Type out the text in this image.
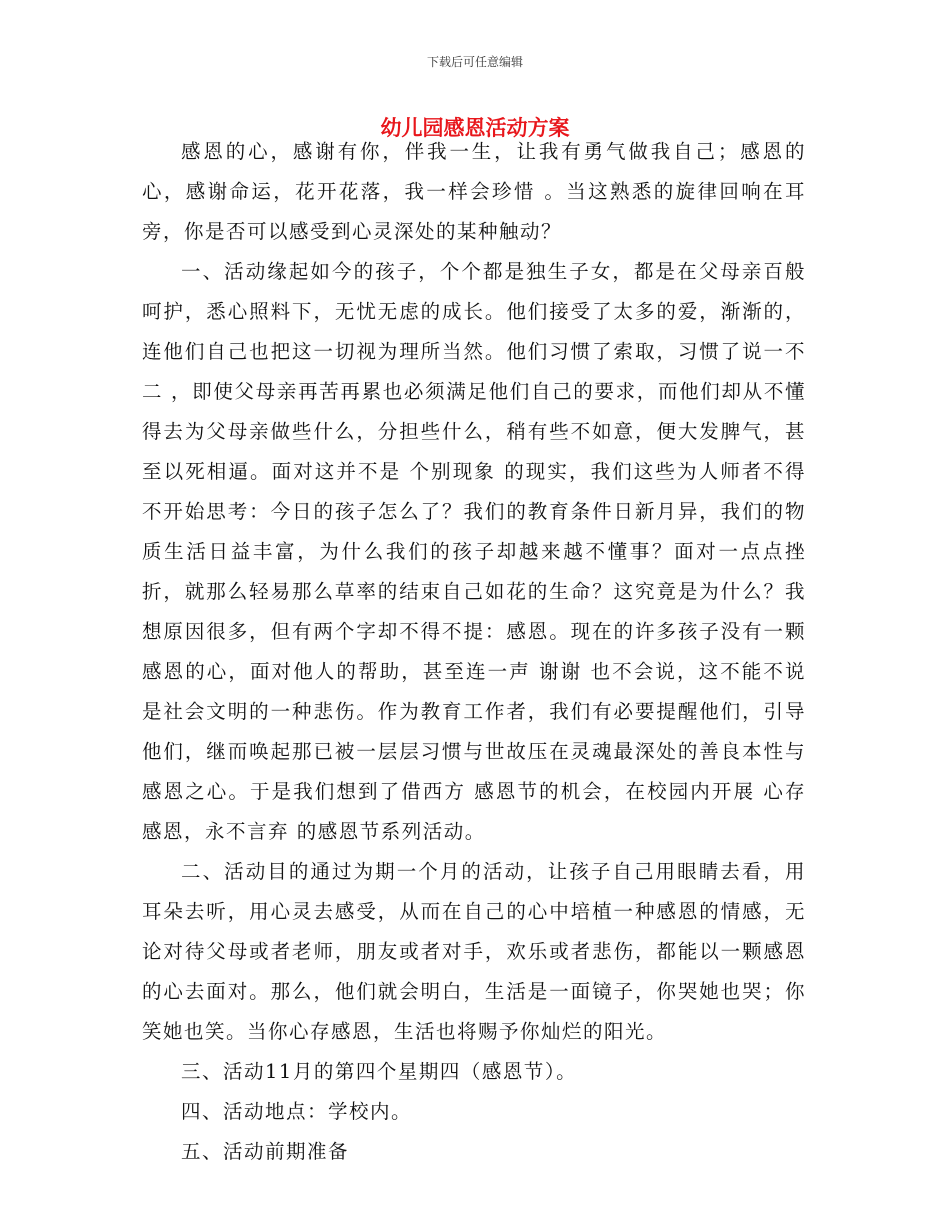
下载后可任意编辑
幼儿园感恩活动方案

感恩的心，感谢有你，伴我一生，让我有勇气做我自己；感恩的心，感谢命运，花开花落，我一样会珍惜 。当这熟悉的旋律回响在耳旁，你是否可以感受到心灵深处的某种触动？

一、活动缘起如今的孩子，个个都是独生子女，都是在父母亲百般呵护，悉心照料下，无忧无虑的成长。他们接受了太多的爱，渐渐的，连他们自己也把这一切视为理所当然。他们习惯了索取，习惯了说一不二 ，即使父母亲再苦再累也必须满足他们自己的要求，而他们却从不懂得去为父母亲做些什么，分担些什么，稍有些不如意，便大发脾气，甚至以死相逼。面对这并不是 个别现象 的现实，我们这些为人师者不得不开始思考：今日的孩子怎么了？我们的教育条件日新月异，我们的物质生活日益丰富，为什么我们的孩子却越来越不懂事？面对一点点挫折，就那么轻易那么草率的结束自己如花的生命？这究竟是为什么？我想原因很多，但有两个字却不得不提：感恩。现在的许多孩子没有一颗感恩的心，面对他人的帮助，甚至连一声 谢谢 也不会说，这不能不说是社会文明的一种悲伤。作为教育工作者，我们有必要提醒他们，引导他们，继而唤起那已被一层层习惯与世故压在灵魂最深处的善良本性与感恩之心。于是我们想到了借西方 感恩节的机会，在校园内开展 心存感恩，永不言弃 的感恩节系列活动。

二、活动目的通过为期一个月的活动，让孩子自己用眼睛去看，用耳朵去听，用心灵去感受，从而在自己的心中培植一种感恩的情感，无论对待父母或者老师，朋友或者对手，欢乐或者悲伤，都能以一颗感恩的心去面对。那么，他们就会明白，生活是一面镜子，你哭她也哭；你笑她也笑。当你心存感恩，生活也将赐予你灿烂的阳光。

三、活动11月的第四个星期四（感恩节）。

四、活动地点：学校内。

五、活动前期准备
